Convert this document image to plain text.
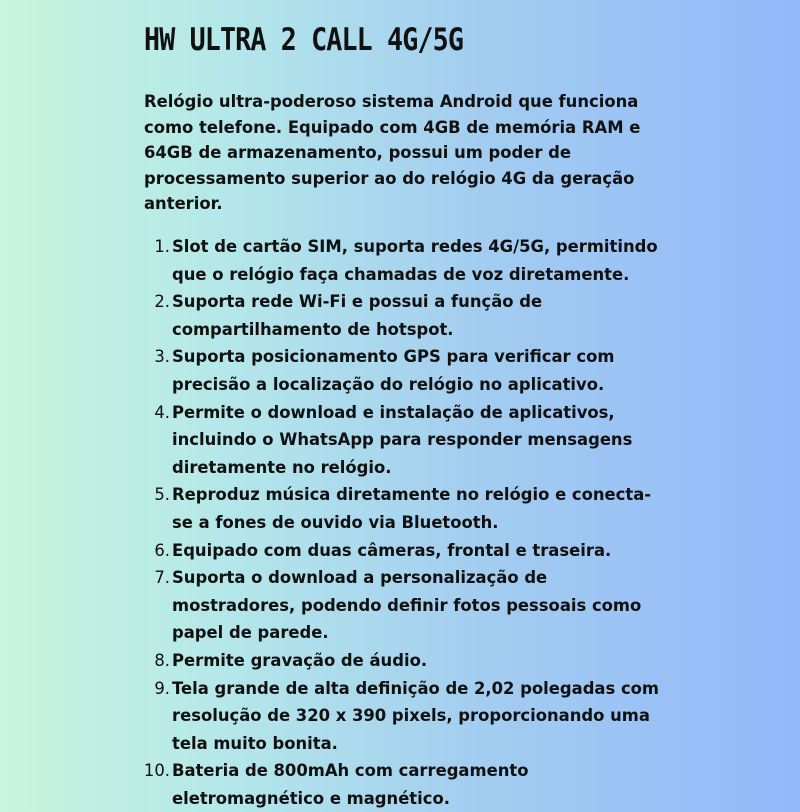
HW ULTRA 2 CALL 4G/5G

Relógio ultra-poderoso sistema Android que funciona como telefone. Equipado com 4GB de memória RAM e 64GB de armazenamento, possui um poder de processamento superior ao do relógio 4G da geração anterior.

1. Slot de cartão SIM, suporta redes 4G/5G, permitindo que o relógio faça chamadas de voz diretamente.
2. Suporta rede Wi-Fi e possui a função de compartilhamento de hotspot.
3. Suporta posicionamento GPS para verificar com precisão a localização do relógio no aplicativo.
4. Permite o download e instalação de aplicativos, incluindo o WhatsApp para responder mensagens diretamente no relógio.
5. Reproduz música diretamente no relógio e conecta-se a fones de ouvido via Bluetooth.
6. Equipado com duas câmeras, frontal e traseira.
7. Suporta o download a personalização de mostradores, podendo definir fotos pessoais como papel de parede.
8. Permite gravação de áudio.
9. Tela grande de alta definição de 2,02 polegadas com resolução de 320 x 390 pixels, proporcionando uma tela muito bonita.
10. Bateria de 800mAh com carregamento eletromagnético e magnético.
